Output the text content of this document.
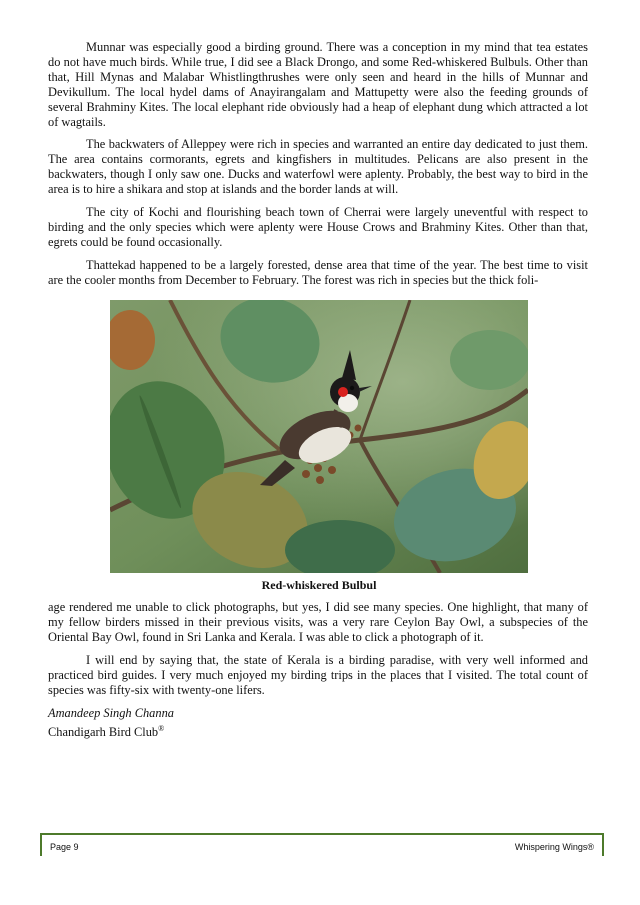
Munnar was especially good a birding ground. There was a conception in my mind that tea estates do not have much birds. While true, I did see a Black Drongo, and some Red-whiskered Bulbuls. Other than that, Hill Mynas and Malabar Whistlingthrushes were only seen and heard in the hills of Munnar and Devikullum. The local hydel dams of Anayirangalam and Mattupetty were also the feeding grounds of several Brahminy Kites. The local elephant ride obviously had a heap of elephant dung which attracted a lot of wagtails.

The backwaters of Alleppey were rich in species and warranted an entire day dedicated to just them. The area contains cormorants, egrets and kingfishers in multitudes. Pelicans are also present in the backwaters, though I only saw one. Ducks and waterfowl were aplenty. Probably, the best way to bird in the area is to hire a shikara and stop at islands and the border lands at will.

The city of Kochi and flourishing beach town of Cherrai were largely uneventful with respect to birding and the only species which were aplenty were House Crows and Brahminy Kites. Other than that, egrets could be found occasionally.

Thattekad happened to be a largely forested, dense area that time of the year. The best time to visit are the cooler months from December to February. The forest was rich in species but the thick foli-

Red-whiskered Bulbul

age rendered me unable to click photographs, but yes, I did see many species. One highlight, that many of my fellow birders missed in their previous visits, was a very rare Ceylon Bay Owl, a subspecies of the Oriental Bay Owl, found in Sri Lanka and Kerala. I was able to click a photograph of it.

I will end by saying that, the state of Kerala is a birding paradise, with very well informed and practiced bird guides. I very much enjoyed my birding trips in the places that I visited. The total count of species was fifty-six with twenty-one lifers.

Amandeep Singh Channa
Chandigarh Bird Club®
Page 9	Whispering Wings®
